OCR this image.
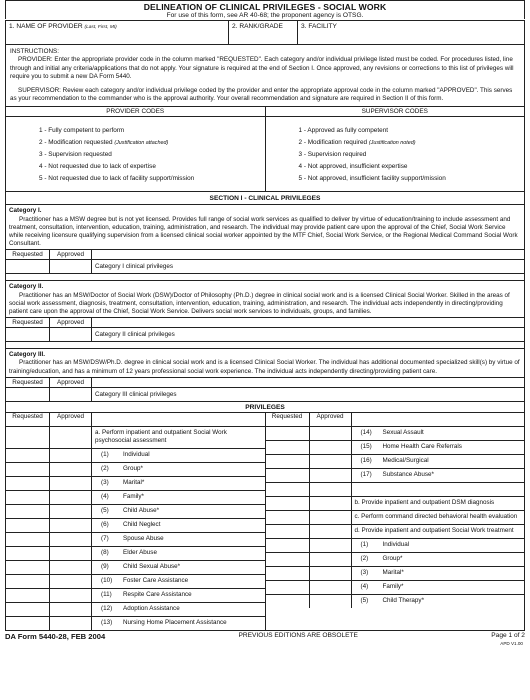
DELINEATION OF CLINICAL PRIVILEGES - SOCIAL WORK
For use of this form, see AR 40-68; the proponent agency is OTSG.
1. NAME OF PROVIDER (Last, First, MI)	2. RANK/GRADE	3. FACILITY
INSTRUCTIONS:

PROVIDER: Enter the appropriate provider code in the column marked "REQUESTED". Each category and/or individual privilege listed must be coded. For procedures listed, line through and initial any criteria/applications that do not apply. Your signature is required at the end of Section I. Once approved, any revisions or corrections to this list of privileges will require you to submit a new DA Form 5440.

SUPERVISOR: Review each category and/or individual privilege coded by the provider and enter the appropriate approval code in the column marked "APPROVED". This serves as your recommendation to the commander who is the approval authority. Your overall recommendation and signature are required in Section II of this form.

PROVIDER CODES
1 - Fully competent to perform
2 - Modification requested (Justification attached)
3 - Supervision requested
4 - Not requested due to lack of expertise
5 - Not requested due to lack of facility support/mission
SUPERVISOR CODES
1 - Approved as fully competent
2 - Modification required (Justification noted)
3 - Supervision required
4 - Not approved, insufficient expertise
5 - Not approved, insufficient facility support/mission
SECTION I - CLINICAL PRIVILEGES
Category I.
Practitioner has a MSW degree but is not yet licensed. Provides full range of social work services as qualified to deliver by virtue of education/training to include assessment and treatment, consultation, intervention, education, training, administration, and research. The individual may provide patient care upon the approval of the Chief, Social Work Service while receiving licensure qualifying supervision from a licensed clinical social worker appointed by the MTF Chief, Social Work Service, or the Regional Medical Command Social Work Consultant.
Requested	Approved
Category I clinical privileges
Category II.
Practitioner has an MSW/Doctor of Social Work (DSW)/Doctor of Philosophy (Ph.D.) degree in clinical social work and is a licensed Clinical Social Worker. Skilled in the areas of social work assessment, diagnosis, treatment, consultation, intervention, education, training, administration, and research. The individual acts independently in directing/providing patient care upon the approval of the Chief, Social Work Service. Delivers social work services to individuals, groups, and families.
Requested	Approved
Category II clinical privileges
Category III.
Practitioner has an MSW/DSW/Ph.D. degree in clinical social work and is a licensed Clinical Social Worker. The individual has additional documented specialized skill(s) by virtue of training/education, and has a minimum of 12 years professional social work experience. The individual acts independently directing/providing patient care.
Requested	Approved
Category III clinical privileges
PRIVILEGES
Requested	Approved
a. Perform inpatient and outpatient Social Work psychosocial assessment
(1) Individual
(2) Group*
(3) Marital*
(4) Family*
(5) Child Abuse*
(6) Child Neglect
(7) Spouse Abuse
(8) Elder Abuse
(9) Child Sexual Abuse*
(10) Foster Care Assistance
(11) Respite Care Assistance
(12) Adoption Assistance
(13) Nursing Home Placement Assistance
Requested	Approved
(14) Sexual Assault
(15) Home Health Care Referrals
(16) Medical/Surgical
(17) Substance Abuse*
b. Provide inpatient and outpatient DSM diagnosis
c. Perform command directed behavioral health evaluation
d. Provide inpatient and outpatient Social Work treatment
(1) Individual
(2) Group*
(3) Marital*
(4) Family*
(5) Child Therapy*
DA Form 5440-28, FEB 2004	PREVIOUS EDITIONS ARE OBSOLETE	Page 1 of 2
APD V1.00
